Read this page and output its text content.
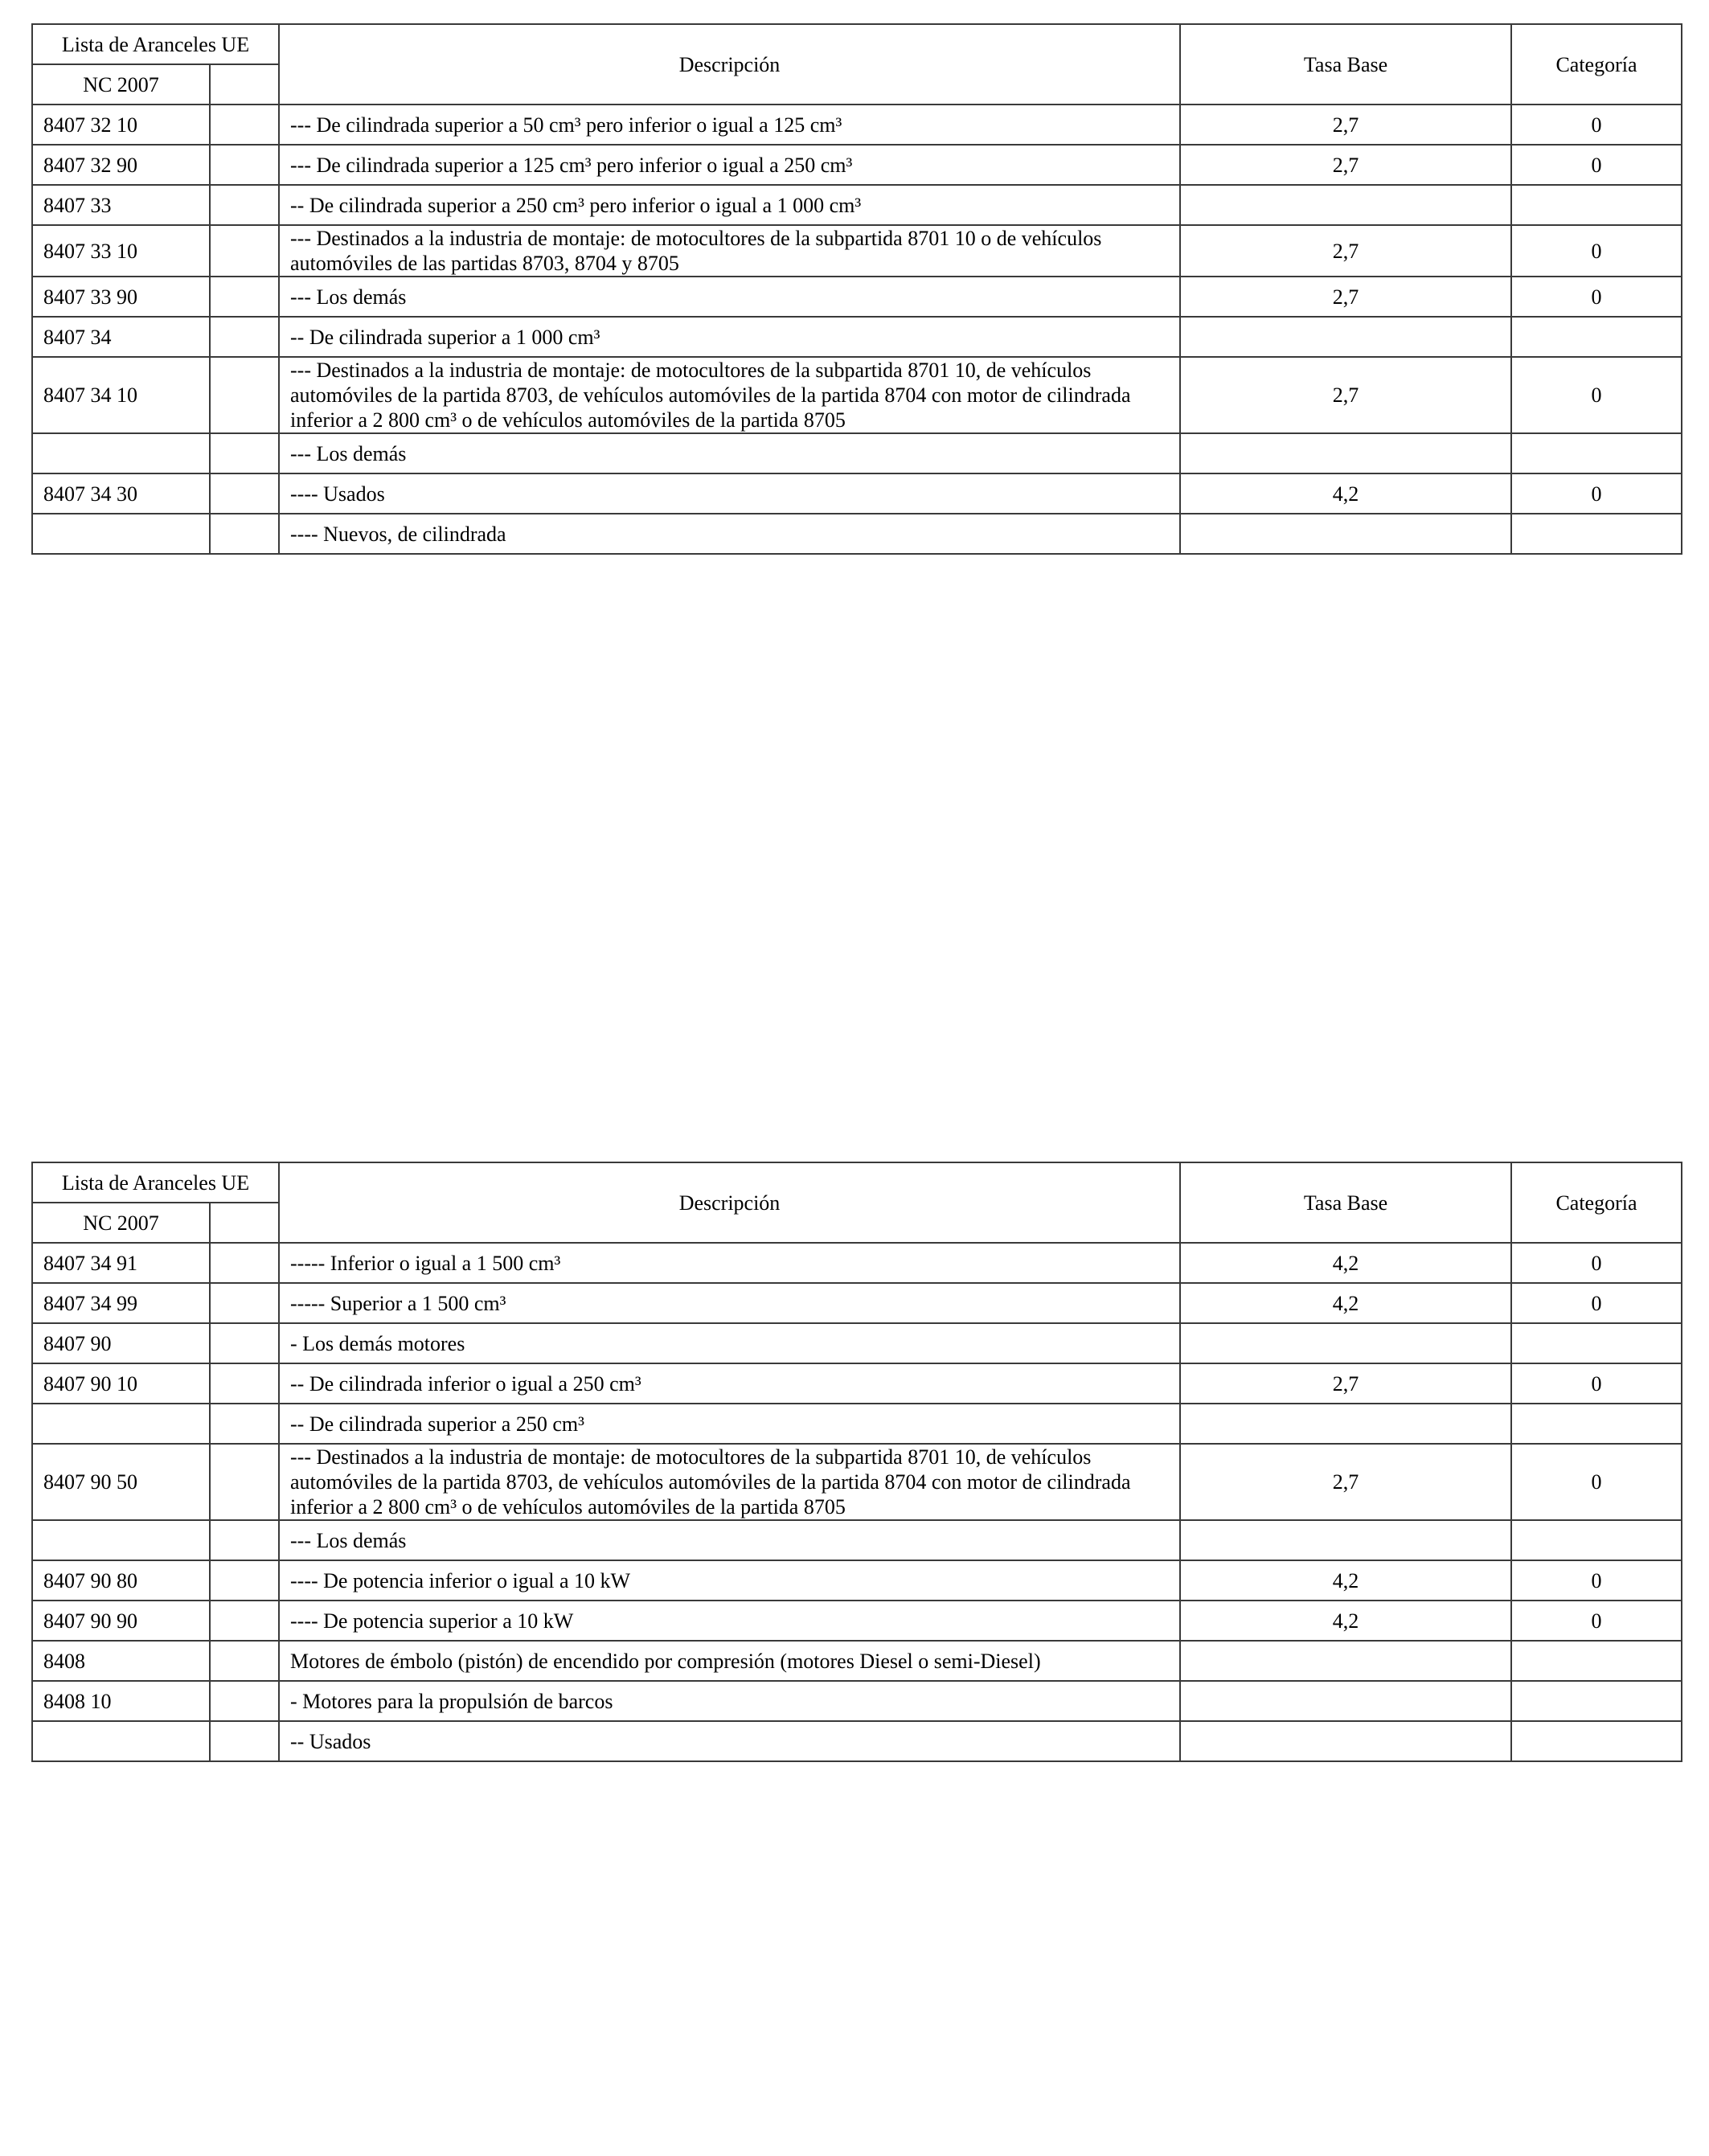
Lista de Aranceles UE		Descripción	Tasa Base	Categoría
NC 2007				
8407 32 10		--- De cilindrada superior a 50 cm³ pero inferior o igual a 125 cm³	2,7	0
8407 32 90		--- De cilindrada superior a 125 cm³ pero inferior o igual a 250 cm³	2,7	0
8407 33		-- De cilindrada superior a 250 cm³ pero inferior o igual a 1 000 cm³		
8407 33 10		--- Destinados a la industria de montaje: de motocultores de la subpartida 8701 10 o de vehículos automóviles de las partidas 8703, 8704 y 8705	2,7	0
8407 33 90		--- Los demás	2,7	0
8407 34		-- De cilindrada superior a 1 000 cm³		
8407 34 10		--- Destinados a la industria de montaje: de motocultores de la subpartida 8701 10, de vehículos automóviles de la partida 8703, de vehículos automóviles de la partida 8704 con motor de cilindrada inferior a 2 800 cm³ o de vehículos automóviles de la partida 8705	2,7	0
		--- Los demás		
8407 34 30		---- Usados	4,2	0
		---- Nuevos, de cilindrada		
Lista de Aranceles UE		Descripción	Tasa Base	Categoría
NC 2007				
8407 34 91		----- Inferior o igual a 1 500 cm³	4,2	0
8407 34 99		----- Superior a 1 500 cm³	4,2	0
8407 90		- Los demás motores		
8407 90 10		-- De cilindrada inferior o igual a 250 cm³	2,7	0
		-- De cilindrada superior a 250 cm³		
8407 90 50		--- Destinados a la industria de montaje: de motocultores de la subpartida 8701 10, de vehículos automóviles de la partida 8703, de vehículos automóviles de la partida 8704 con motor de cilindrada inferior a 2 800 cm³ o de vehículos automóviles de la partida 8705	2,7	0
		--- Los demás		
8407 90 80		---- De potencia inferior o igual a 10 kW	4,2	0
8407 90 90		---- De potencia superior a 10 kW	4,2	0
8408		Motores de émbolo (pistón) de encendido por compresión (motores Diesel o semi-Diesel)		
8408 10		- Motores para la propulsión de barcos		
		-- Usados		
